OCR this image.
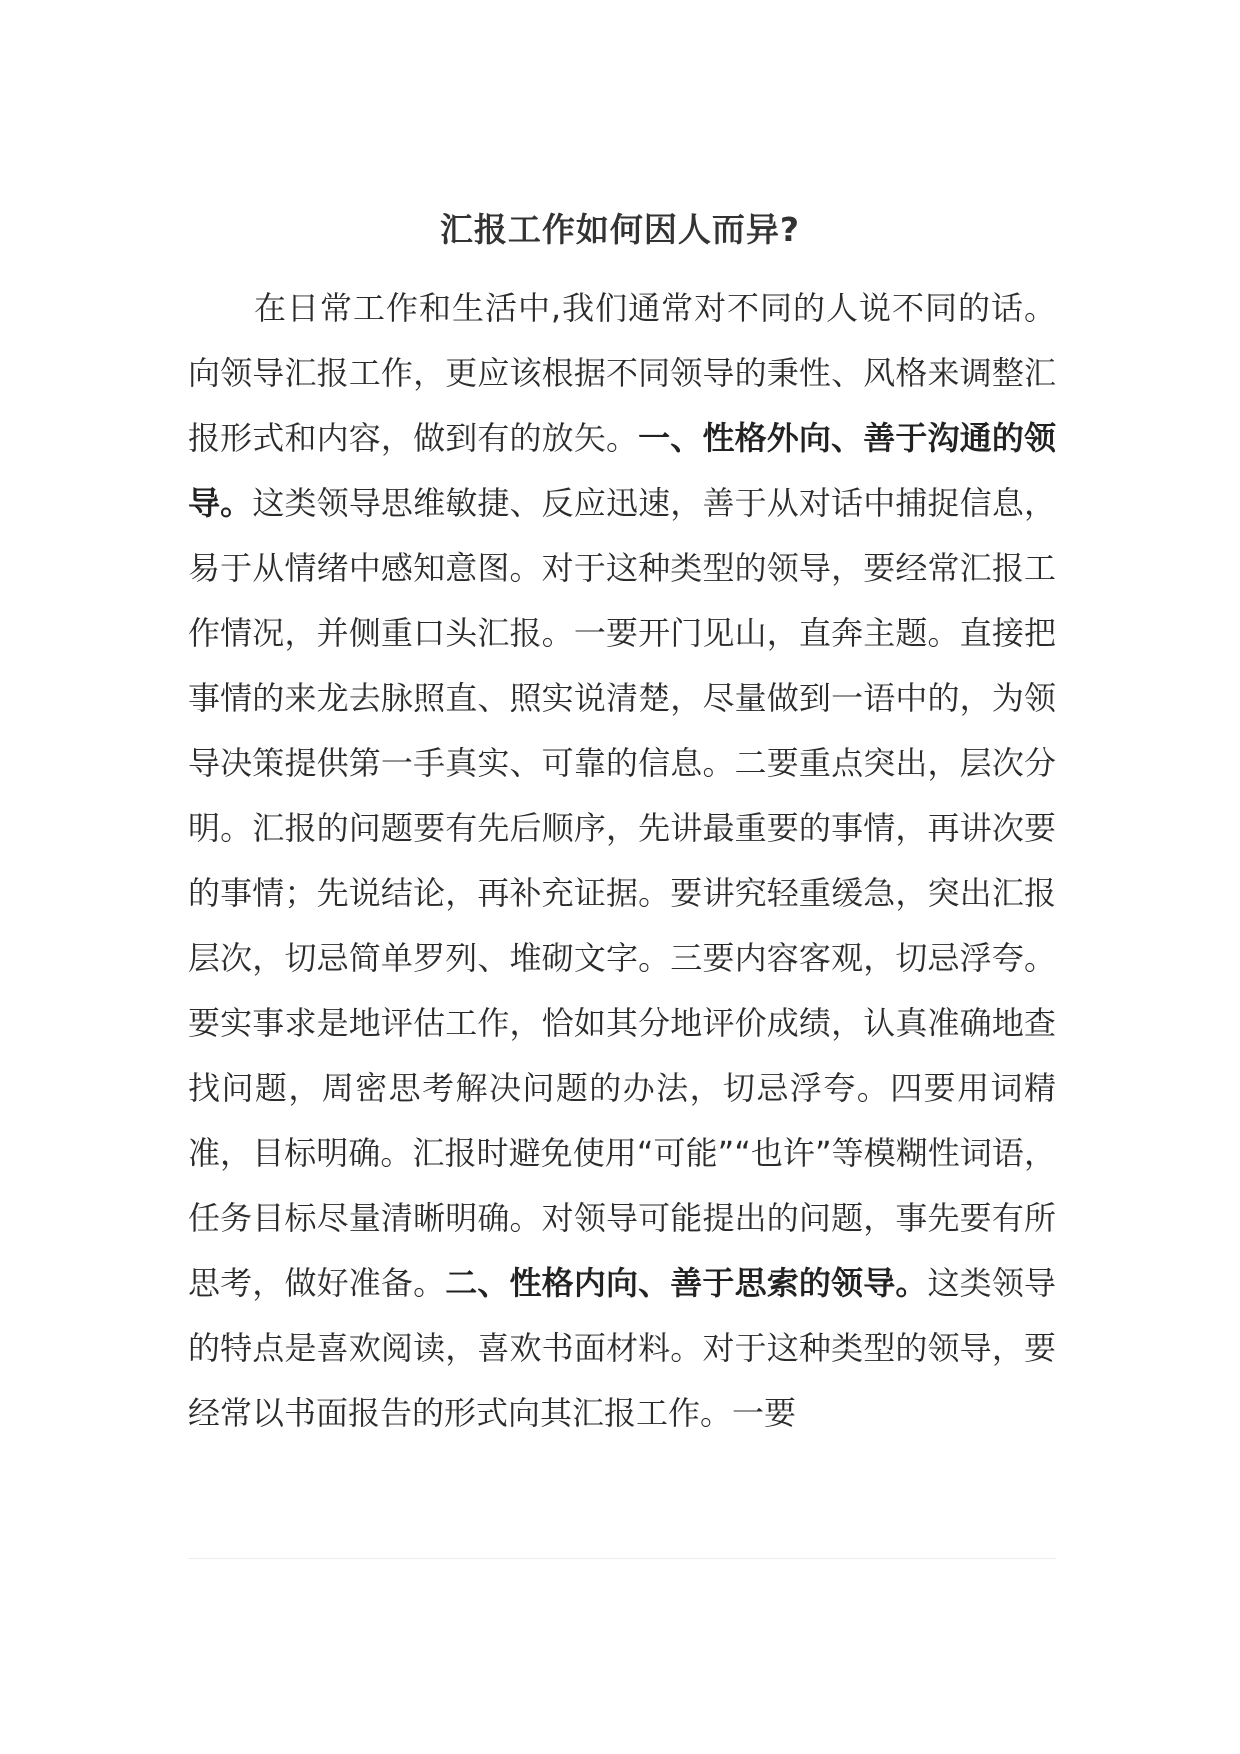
汇报工作如何因人而异?

在日常工作和生活中,我们通常对不同的人说不同的话。向领导汇报工作，更应该根据不同领导的秉性、风格来调整汇报形式和内容，做到有的放矢。一、性格外向、善于沟通的领导。这类领导思维敏捷、反应迅速，善于从对话中捕捉信息，易于从情绪中感知意图。对于这种类型的领导，要经常汇报工作情况，并侧重口头汇报。一要开门见山，直奔主题。直接把事情的来龙去脉照直、照实说清楚，尽量做到一语中的，为领导决策提供第一手真实、可靠的信息。二要重点突出，层次分明。汇报的问题要有先后顺序，先讲最重要的事情，再讲次要的事情；先说结论，再补充证据。要讲究轻重缓急，突出汇报层次，切忌简单罗列、堆砌文字。三要内容客观，切忌浮夸。要实事求是地评估工作，恰如其分地评价成绩，认真准确地查找问题，周密思考解决问题的办法，切忌浮夸。四要用词精准，目标明确。汇报时避免使用“可能”“也许”等模糊性词语，任务目标尽量清晰明确。对领导可能提出的问题，事先要有所思考，做好准备。二、性格内向、善于思索的领导。这类领导的特点是喜欢阅读，喜欢书面材料。对于这种类型的领导，要经常以书面报告的形式向其汇报工作。一要
